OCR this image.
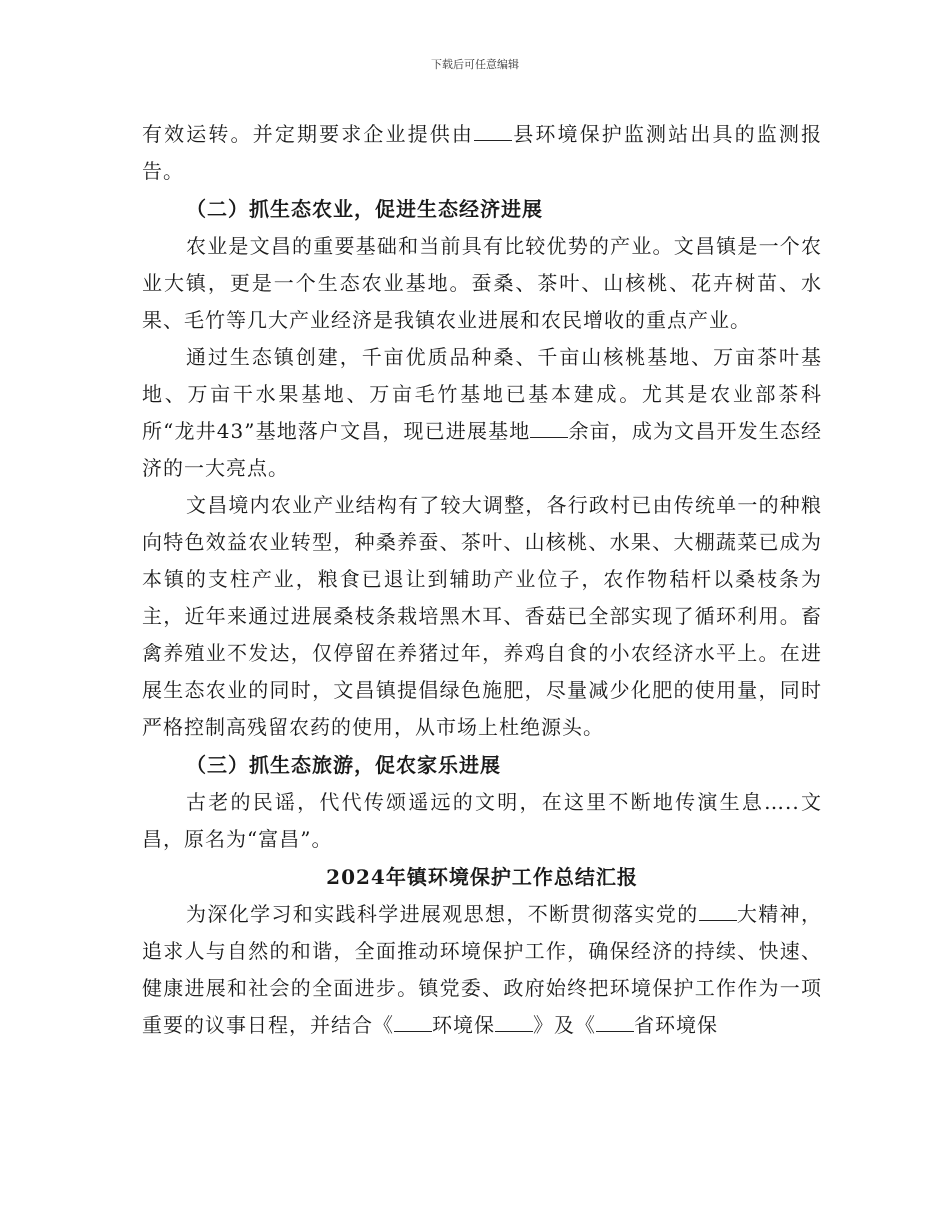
下载后可任意编辑

有效运转。并定期要求企业提供由 县环境保护监测站出具的监测报告。

（二）抓生态农业，促进生态经济进展

农业是文昌的重要基础和当前具有比较优势的产业。文昌镇是一个农业大镇，更是一个生态农业基地。蚕桑、茶叶、山核桃、花卉树苗、水果、毛竹等几大产业经济是我镇农业进展和农民增收的重点产业。

通过生态镇创建，千亩优质品种桑、千亩山核桃基地、万亩茶叶基地、万亩干水果基地、万亩毛竹基地已基本建成。尤其是农业部茶科所“龙井43”基地落户文昌，现已进展基地 余亩，成为文昌开发生态经济的一大亮点。

文昌境内农业产业结构有了较大调整，各行政村已由传统单一的种粮向特色效益农业转型，种桑养蚕、茶叶、山核桃、水果、大棚蔬菜已成为本镇的支柱产业，粮食已退让到辅助产业位子，农作物秸杆以桑枝条为主，近年来通过进展桑枝条栽培黑木耳、香菇已全部实现了循环利用。畜禽养殖业不发达，仅停留在养猪过年，养鸡自食的小农经济水平上。在进展生态农业的同时，文昌镇提倡绿色施肥，尽量减少化肥的使用量，同时严格控制高残留农药的使用，从市场上杜绝源头。

（三）抓生态旅游，促农家乐进展

古老的民谣，代代传颂遥远的文明，在这里不断地传演生息…..文昌，原名为“富昌”。

2024年镇环境保护工作总结汇报

为深化学习和实践科学进展观思想，不断贯彻落实党的 大精神，追求人与自然的和谐，全面推动环境保护工作，确保经济的持续、快速、健康进展和社会的全面进步。镇党委、政府始终把环境保护工作作为一项重要的议事日程，并结合《 环境保 》及《 省环境保
